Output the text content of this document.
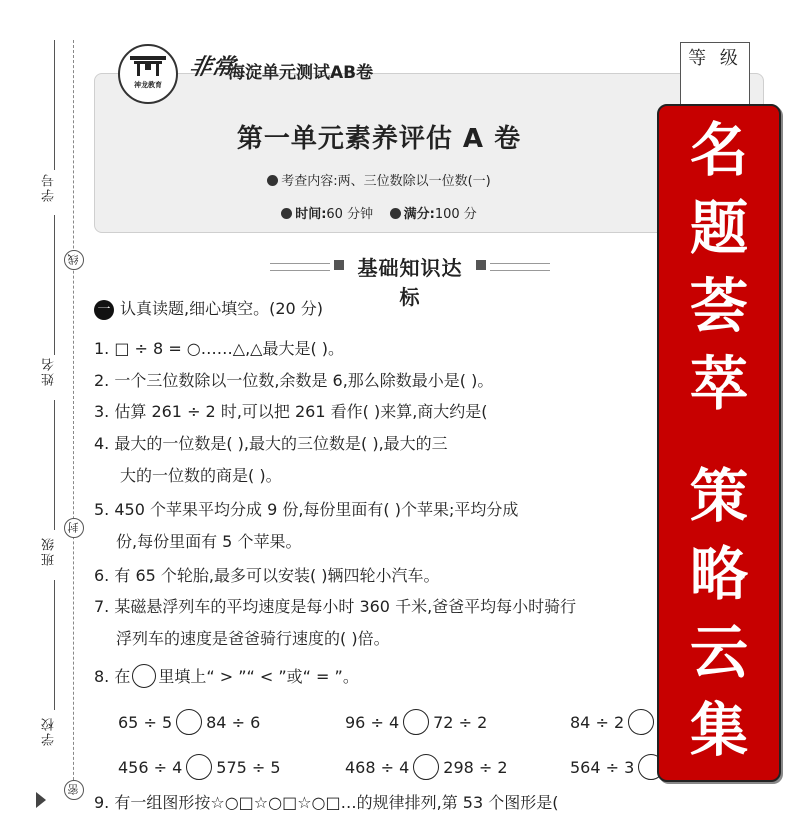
学号
姓名
班级
学校
线
封
密
神龙教育
非常
海淀单元测试AB卷
等 级
第一单元素养评估 A 卷
考查内容:两、三位数除以一位数(一)
时间:60 分钟 满分:100 分
基础知识达标
一 认真读题,细心填空。(20 分)
1. □ ÷ 8 = ○……△,△最大是( )。
2. 一个三位数除以一位数,余数是 6,那么除数最小是( )。
3. 估算 261 ÷ 2 时,可以把 261 看作( )来算,商大约是(
4. 最大的一位数是( ),最大的三位数是( ),最大的三
大的一位数的商是( )。
5. 450 个苹果平均分成 9 份,每份里面有( )个苹果;平均分成
份,每份里面有 5 个苹果。
6. 有 65 个轮胎,最多可以安装( )辆四轮小汽车。
7. 某磁悬浮列车的平均速度是每小时 360 千米,爸爸平均每小时骑行
浮列车的速度是爸爸骑行速度的( )倍。
8. 在 里填上“ > ”“ < ”或“ = ”。
65 ÷ 5 84 ÷ 6	96 ÷ 4 72 ÷ 2	84 ÷ 2
456 ÷ 4 575 ÷ 5	468 ÷ 4 298 ÷ 2	564 ÷ 3
9. 有一组图形按☆○□☆○□☆○□…的规律排列,第 53 个图形是(
名
题
荟
萃
策
略
云
集
